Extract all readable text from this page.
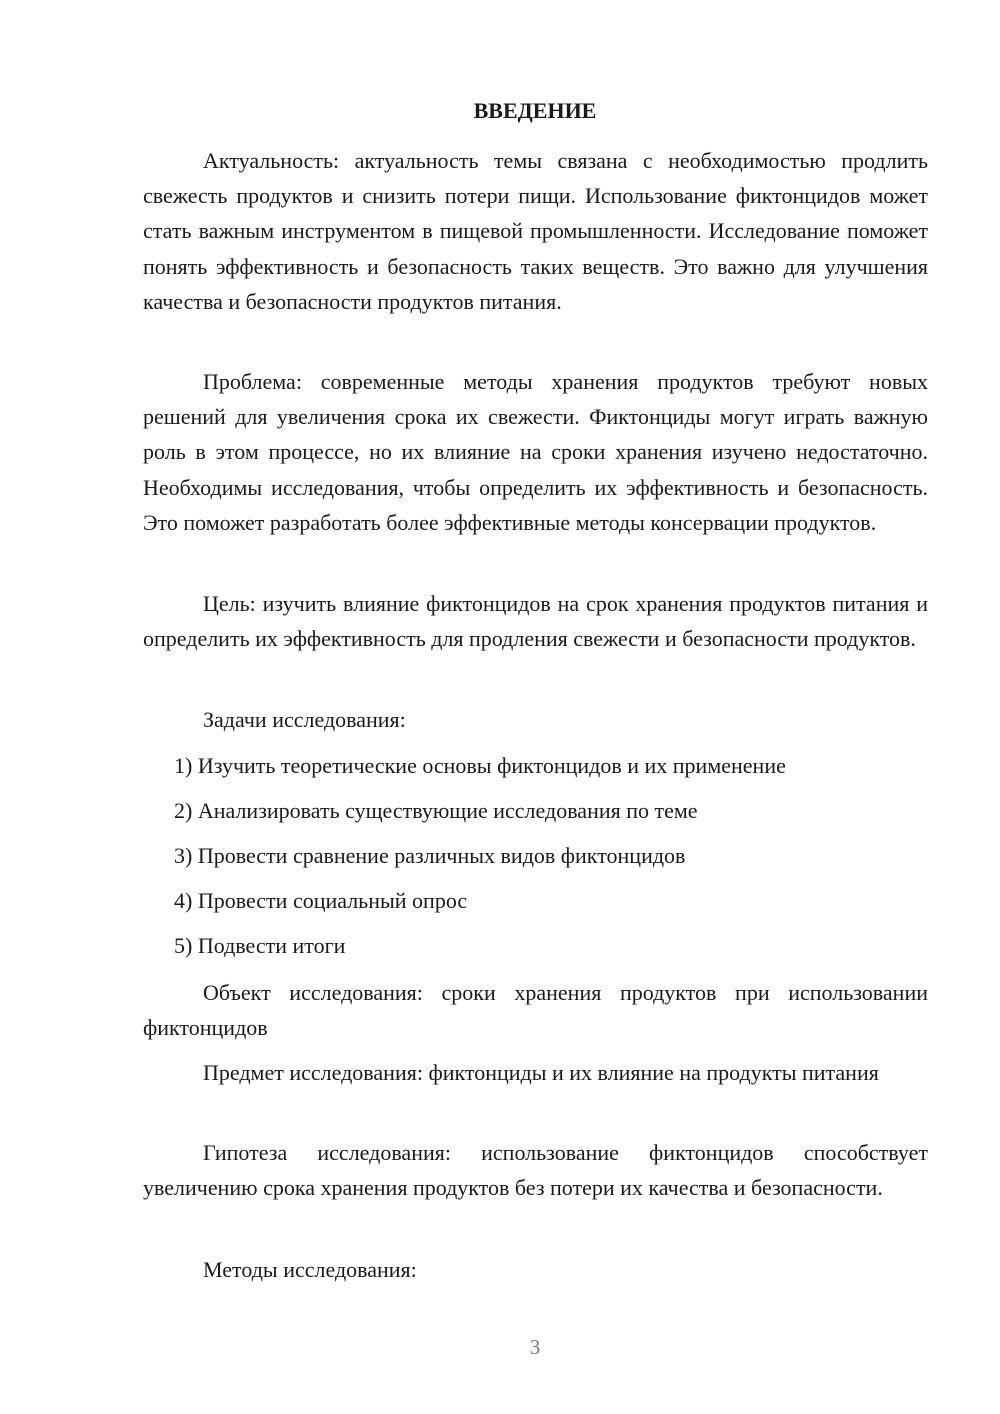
ВВЕДЕНИЕ

Актуальность: актуальность темы связана с необходимостью продлить свежесть продуктов и снизить потери пищи. Использование фиктонцидов может стать важным инструментом в пищевой промышленности. Исследование поможет понять эффективность и безопасность таких веществ. Это важно для улучшения качества и безопасности продуктов питания.

Проблема: современные методы хранения продуктов требуют новых решений для увеличения срока их свежести. Фиктонциды могут играть важную роль в этом процессе, но их влияние на сроки хранения изучено недостаточно. Необходимы исследования, чтобы определить их эффективность и безопасность. Это поможет разработать более эффективные методы консервации продуктов.

Цель: изучить влияние фиктонцидов на срок хранения продуктов питания и определить их эффективность для продления свежести и безопасности продуктов.

Задачи исследования:

1) Изучить теоретические основы фиктонцидов и их применение

2) Анализировать существующие исследования по теме

3) Провести сравнение различных видов фиктонцидов

4) Провести социальный опрос

5) Подвести итоги

Объект исследования: сроки хранения продуктов при использовании фиктонцидов

Предмет исследования: фиктонциды и их влияние на продукты питания

Гипотеза исследования: использование фиктонцидов способствует увеличению срока хранения продуктов без потери их качества и безопасности.

Методы исследования:

3
